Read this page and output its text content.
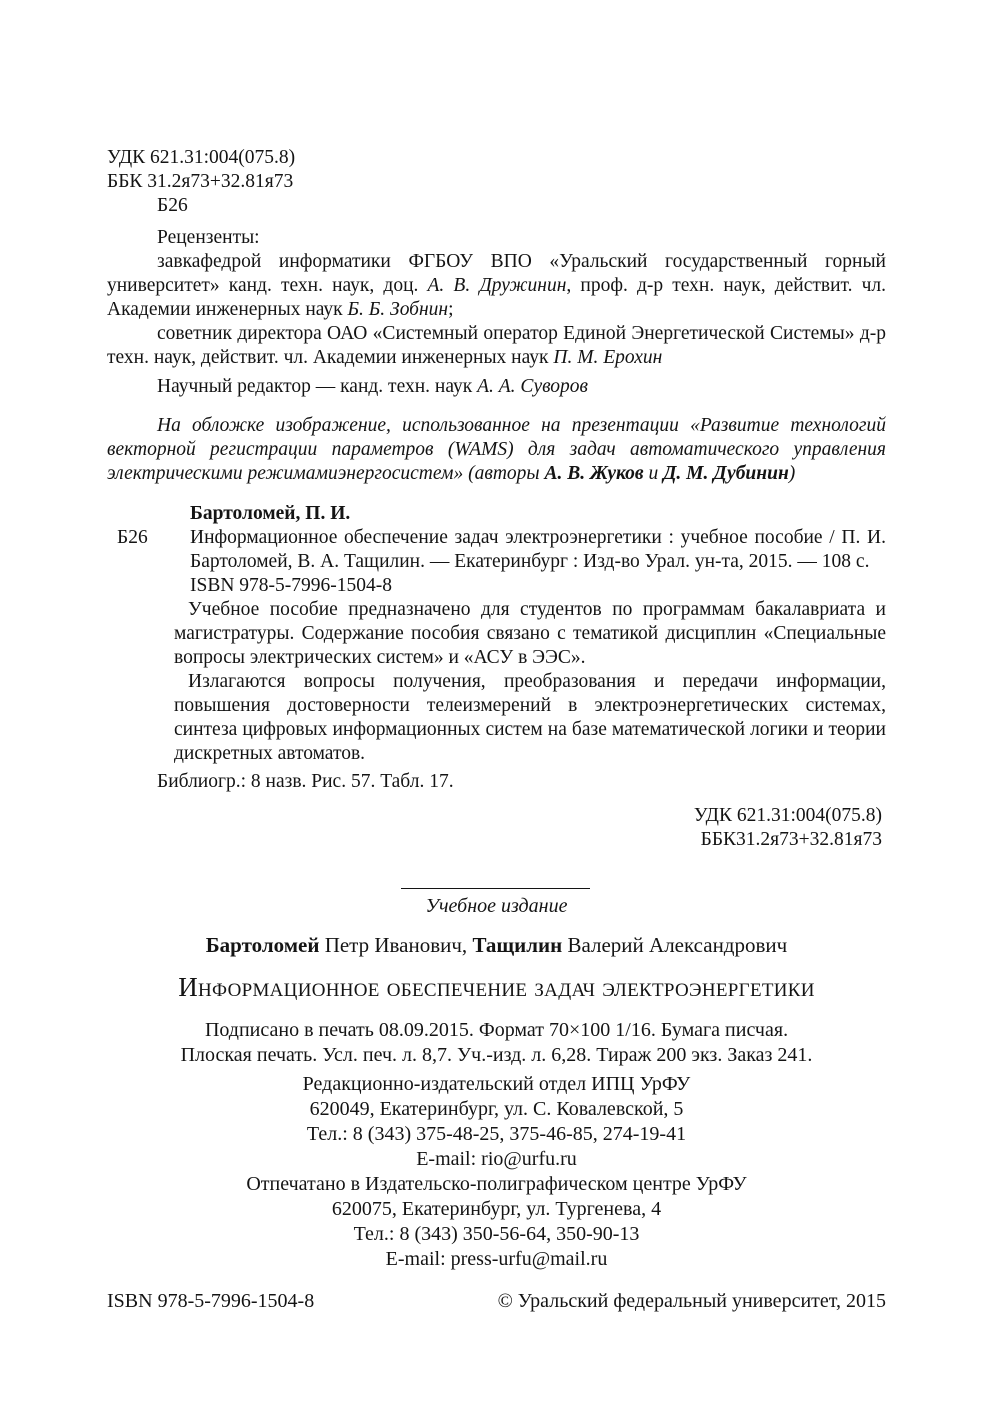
УДК 621.31:004(075.8)

ББК 31.2я73+32.81я73

Б26

Рецензенты:

завкафедрой информатики ФГБОУ ВПО «Уральский государственный горный университет» канд. техн. наук, доц. А. В. Дружинин, проф. д-р техн. наук, действит. чл. Академии инженерных наук Б. Б. Зобнин;

советник директора ОАО «Системный оператор Единой Энергетической Системы» д-р техн. наук, действит. чл. Академии инженерных наук П. М. Ерохин

Научный редактор — канд. техн. наук А. А. Суворов

На обложке изображение, использованное на презентации «Развитие технологий векторной регистрации параметров (WAMS) для задач автоматического управления электрическими режимамиэнергосистем» (авторы А. В. Жуков и Д. М. Дубинин)

Бартоломей, П. И.

Б26 Информационное обеспечение задач электроэнергетики : учебное пособие / П. И. Бартоломей, В. А. Тащилин. — Екатеринбург : Изд-во Урал. ун-та, 2015. — 108 с.

ISBN 978-5-7996-1504-8

Учебное пособие предназначено для студентов по программам бакалавриата и магистратуры. Содержание пособия связано с тематикой дисциплин «Специальные вопросы электрических систем» и «АСУ в ЭЭС».

Излагаются вопросы получения, преобразования и передачи информации, повышения достоверности телеизмерений в электроэнергетических системах, синтеза цифровых информационных систем на базе математической логики и теории дискретных автоматов.

Библиогр.: 8 назв. Рис. 57. Табл. 17.

УДК 621.31:004(075.8)

ББК31.2я73+32.81я73

Учебное издание

Бартоломей Петр Иванович, Тащилин Валерий Александрович

Информационное обеспечение задач электроэнергетики

Подписано в печать 08.09.2015. Формат 70×100 1/16. Бумага писчая.

Плоская печать. Усл. печ. л. 8,7. Уч.-изд. л. 6,28. Тираж 200 экз. Заказ 241.

Редакционно-издательский отдел ИПЦ УрФУ

620049, Екатеринбург, ул. С. Ковалевской, 5

Тел.: 8 (343) 375-48-25, 375-46-85, 274-19-41

E-mail: rio@urfu.ru

Отпечатано в Издательско-полиграфическом центре УрФУ

620075, Екатеринбург, ул. Тургенева, 4

Тел.: 8 (343) 350-56-64, 350-90-13

E-mail: press-urfu@mail.ru

ISBN 978-5-7996-1504-8	© Уральский федеральный университет, 2015
